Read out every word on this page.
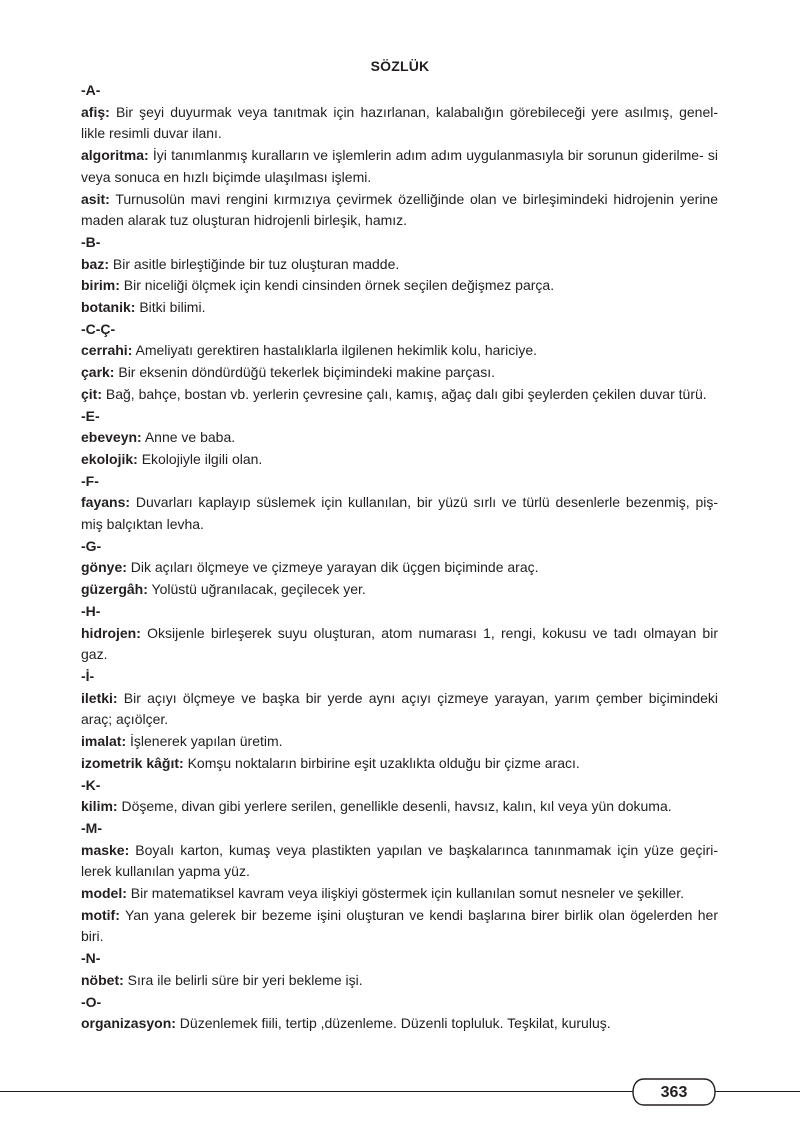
SÖZLÜK

-A-

afiş: Bir şeyi duyurmak veya tanıtmak için hazırlanan, kalabalığın görebileceği yere asılmış, genel- likle resimli duvar ilanı.

algoritma: İyi tanımlanmış kuralların ve işlemlerin adım adım uygulanmasıyla bir sorunun giderilme- si veya sonuca en hızlı biçimde ulaşılması işlemi.

asit: Turnusolün mavi rengini kırmızıya çevirmek özelliğinde olan ve birleşimindeki hidrojenin yerine maden alarak tuz oluşturan hidrojenli birleşik, hamız.

-B-

baz: Bir asitle birleştiğinde bir tuz oluşturan madde.

birim: Bir niceliği ölçmek için kendi cinsinden örnek seçilen değişmez parça.

botanik: Bitki bilimi.

-C-Ç-

cerrahi: Ameliyatı gerektiren hastalıklarla ilgilenen hekimlik kolu, hariciye.

çark: Bir eksenin döndürdüğü tekerlek biçimindeki makine parçası.

çit: Bağ, bahçe, bostan vb. yerlerin çevresine çalı, kamış, ağaç dalı gibi şeylerden çekilen duvar türü.

-E-

ebeveyn: Anne ve baba.

ekolojik: Ekolojiyle ilgili olan.

-F-

fayans: Duvarları kaplayıp süslemek için kullanılan, bir yüzü sırlı ve türlü desenlerle bezenmiş, piş- miş balçıktan levha.

-G-

gönye: Dik açıları ölçmeye ve çizmeye yarayan dik üçgen biçiminde araç.

güzergâh: Yolüstü uğranılacak, geçilecek yer.

-H-

hidrojen: Oksijenle birleşerek suyu oluşturan, atom numarası 1, rengi, kokusu ve tadı olmayan bir gaz.

-İ-

iletki: Bir açıyı ölçmeye ve başka bir yerde aynı açıyı çizmeye yarayan, yarım çember biçimindeki araç; açıölçer.

imalat: İşlenerek yapılan üretim.

izometrik kâğıt: Komşu noktaların birbirine eşit uzaklıkta olduğu bir çizme aracı.

-K-

kilim: Döşeme, divan gibi yerlere serilen, genellikle desenli, havsız, kalın, kıl veya yün dokuma.

-M-

maske: Boyalı karton, kumaş veya plastikten yapılan ve başkalarınca tanınmamak için yüze geçiri- lerek kullanılan yapma yüz.

model: Bir matematiksel kavram veya ilişkiyi göstermek için kullanılan somut nesneler ve şekiller.

motif: Yan yana gelerek bir bezeme işini oluşturan ve kendi başlarına birer birlik olan ögelerden her biri.

-N-

nöbet: Sıra ile belirli süre bir yeri bekleme işi.

-O-

organizasyon: Düzenlemek fiili, tertip ,düzenleme. Düzenli topluluk. Teşkilat, kuruluş.

363
